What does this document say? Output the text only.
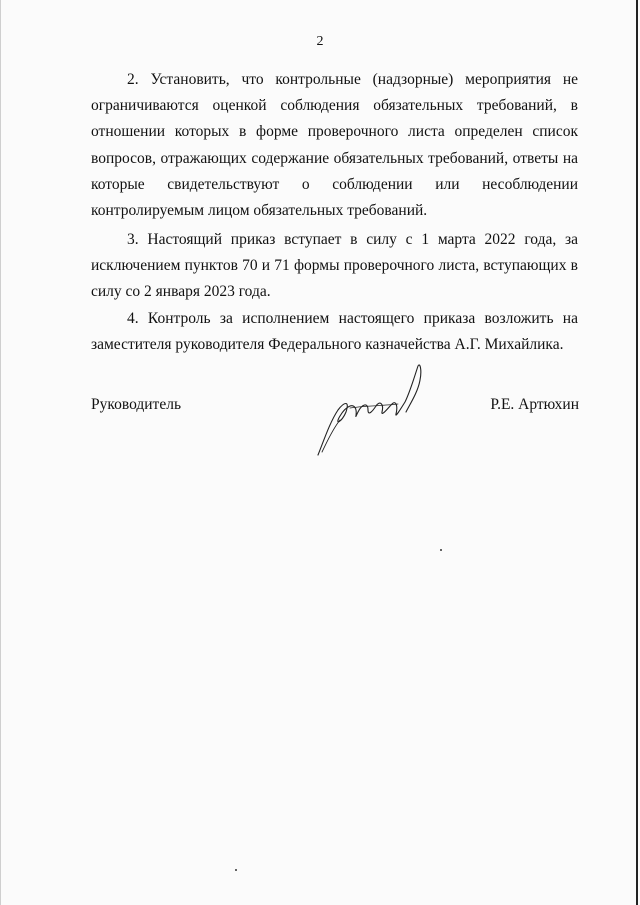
2

2. Установить, что контрольные (надзорные) мероприятия не ограничиваются оценкой соблюдения обязательных требований, в отношении которых в форме проверочного листа определен список вопросов, отражающих содержание обязательных требований, ответы на которые свидетельствуют о соблюдении или несоблюдении контролируемым лицом обязательных требований.

3. Настоящий приказ вступает в силу с 1 марта 2022 года, за исключением пунктов 70 и 71 формы проверочного листа, вступающих в силу со 2 января 2023 года.

4. Контроль за исполнением настоящего приказа возложить на заместителя руководителя Федерального казначейства А.Г. Михайлика.

Руководитель	Р.Е. Артюхин
